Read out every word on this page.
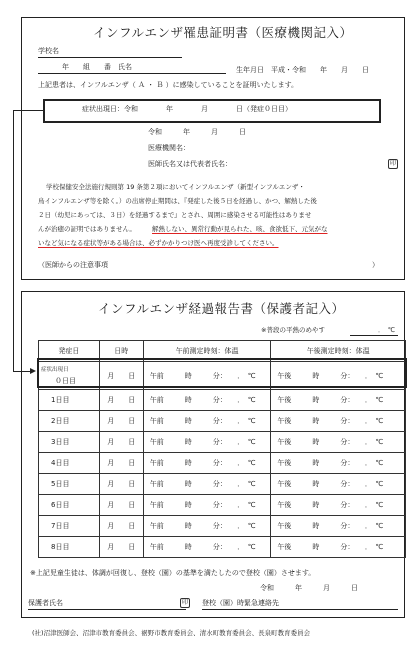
インフルエンザ罹患証明書（医療機関記入）
学校名
年　　組　　番　氏名	生年月日　平成・令和　　年　　月　　日
上記患者は、インフルエンザ（ Ａ ・ Ｂ ）に感染していることを証明いたします。
症状出現日：令和　　　　年　　　　月　　　　日（発症０日目）
令和　　　年　　　月　　　日
医療機関名：
医師氏名又は代表者氏名：	印
学校保健安全法施行規則第 19 条第２項においてインフルエンザ（新型インフルエンザ・
鳥インフルエンザ等を除く。）の出席停止期間は、『発症した後５日を経過し、かつ、解熱した後
２日（幼児にあっては、３日）を経過するまで』とされ、周囲に感染させる可能性はありませ
んが治癒の証明ではありません。 解熱しない、異常行動が見られた、咳、食欲低下、元気がな
いなど気になる症状等がある場合は、必ずかかりつけ医へ再度受診してください。
（医師からの注意事項	）
インフルエンザ経過報告書（保護者記入）
※普段の平熱のめやす	．　℃
発症日	日時	午前測定時刻：体温	午後測定時刻：体温

症状出現日
０日目	月　　日	午前　　　時　　　分：　　．　℃	午後　　　時　　　分：　　．　℃
1日目	月　　日	午前　　　時　　　分：　　．　℃	午後　　　時　　　分：　　．　℃
2日目	月　　日	午前　　　時　　　分：　　．　℃	午後　　　時　　　分：　　．　℃
3日目	月　　日	午前　　　時　　　分：　　．　℃	午後　　　時　　　分：　　．　℃
4日目	月　　日	午前　　　時　　　分：　　．　℃	午後　　　時　　　分：　　．　℃
5日目	月　　日	午前　　　時　　　分：　　．　℃	午後　　　時　　　分：　　．　℃
6日目	月　　日	午前　　　時　　　分：　　．　℃	午後　　　時　　　分：　　．　℃
7日目	月　　日	午前　　　時　　　分：　　．　℃	午後　　　時　　　分：　　．　℃
8日目	月　　日	午前　　　時　　　分：　　．　℃	午後　　　時　　　分：　　．　℃
※上記児童生徒は、体調が回復し、登校（園）の基準を満たしたので登校（園）させます。
令和　　　年　　　月　　　日
保護者氏名	印 登校（園）時緊急連絡先
(社)沼津医師会、沼津市教育委員会、裾野市教育委員会、清水町教育委員会、長泉町教育委員会
